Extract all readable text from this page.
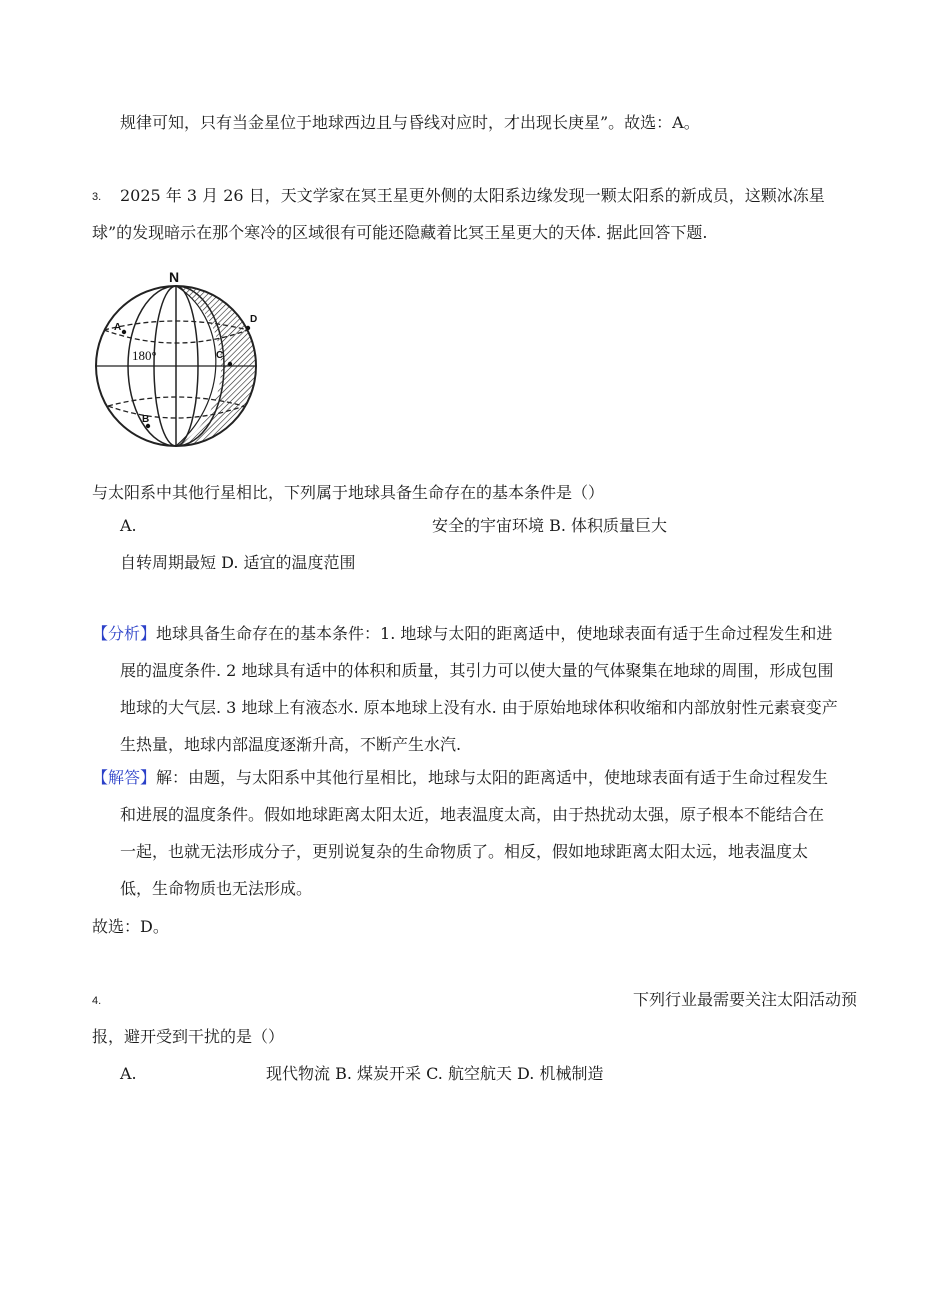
规律可知，只有当金星位于地球西边且与昏线对应时，才出现长庚星”。故选：A。
3. 2025 年 3 月 26 日，天文学家在冥王星更外侧的太阳系边缘发现一颗太阳系的新成员，这颗冰冻星
球”的发现暗示在那个寒冷的区域很有可能还隐藏着比冥王星更大的天体. 据此回答下题.
N
180°
A
B
C
D
与太阳系中其他行星相比，下列属于地球具备生命存在的基本条件是（）
A.	安全的宇宙环境 B. 体积质量巨大
自转周期最短 D. 适宜的温度范围
【分析】地球具备生命存在的基本条件：1. 地球与太阳的距离适中，使地球表面有适于生命过程发生和进
展的温度条件. 2 地球具有适中的体积和质量，其引力可以使大量的气体聚集在地球的周围，形成包围
地球的大气层. 3 地球上有液态水. 原本地球上没有水. 由于原始地球体积收缩和内部放射性元素衰变产
生热量，地球内部温度逐渐升高，不断产生水汽.
【解答】解：由题，与太阳系中其他行星相比，地球与太阳的距离适中，使地球表面有适于生命过程发生
和进展的温度条件。假如地球距离太阳太近，地表温度太高，由于热扰动太强，原子根本不能结合在
一起，也就无法形成分子，更别说复杂的生命物质了。相反，假如地球距离太阳太远，地表温度太
低，生命物质也无法形成。
故选：D。
4.	下列行业最需要关注太阳活动预
报，避开受到干扰的是（）
A.	现代物流 B. 煤炭开采 C. 航空航天 D. 机械制造
